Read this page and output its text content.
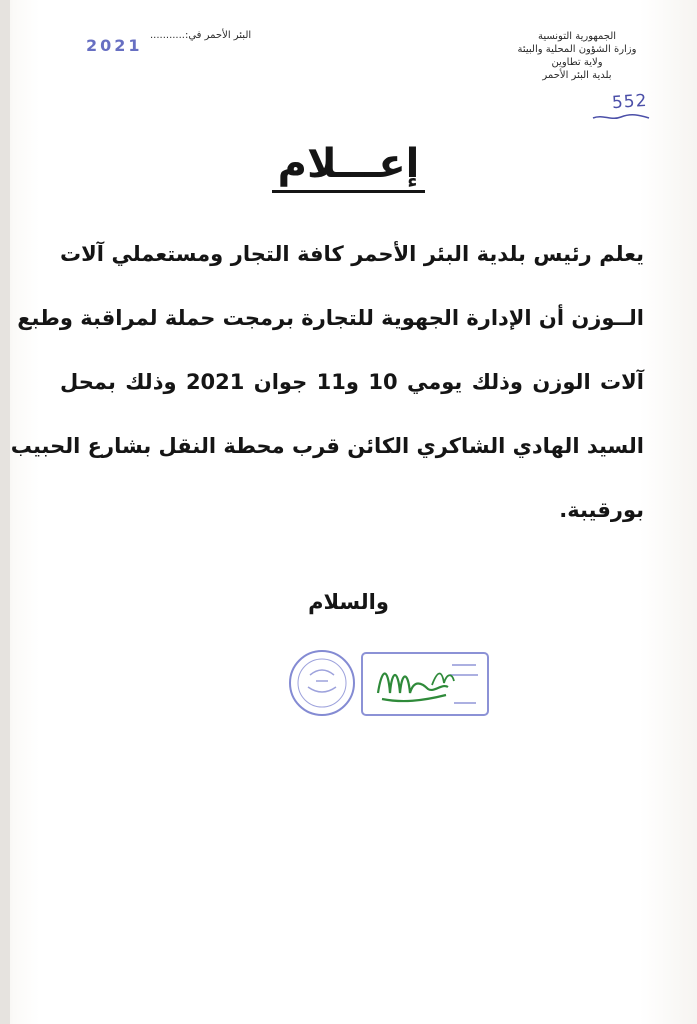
الجمهورية التونسية
وزارة الشؤون المحلية والبيئة
ولاية تطاوين
بلدية البئر الأحمر
552
2021
البئر الأحمر في:...........
إعـــلام
يعلم رئيس بلدية البئر الأحمر كافة التجار ومستعملي آلات
الــوزن أن الإدارة الجهوية للتجارة برمجت حملة لمراقبة وطبع
آلات الوزن وذلك يومي 10 و11 جوان 2021 وذلك بمحل
السيد الهادي الشاكري الكائن قرب محطة النقل بشارع الحبيب
بورقيبة.
والسلام
